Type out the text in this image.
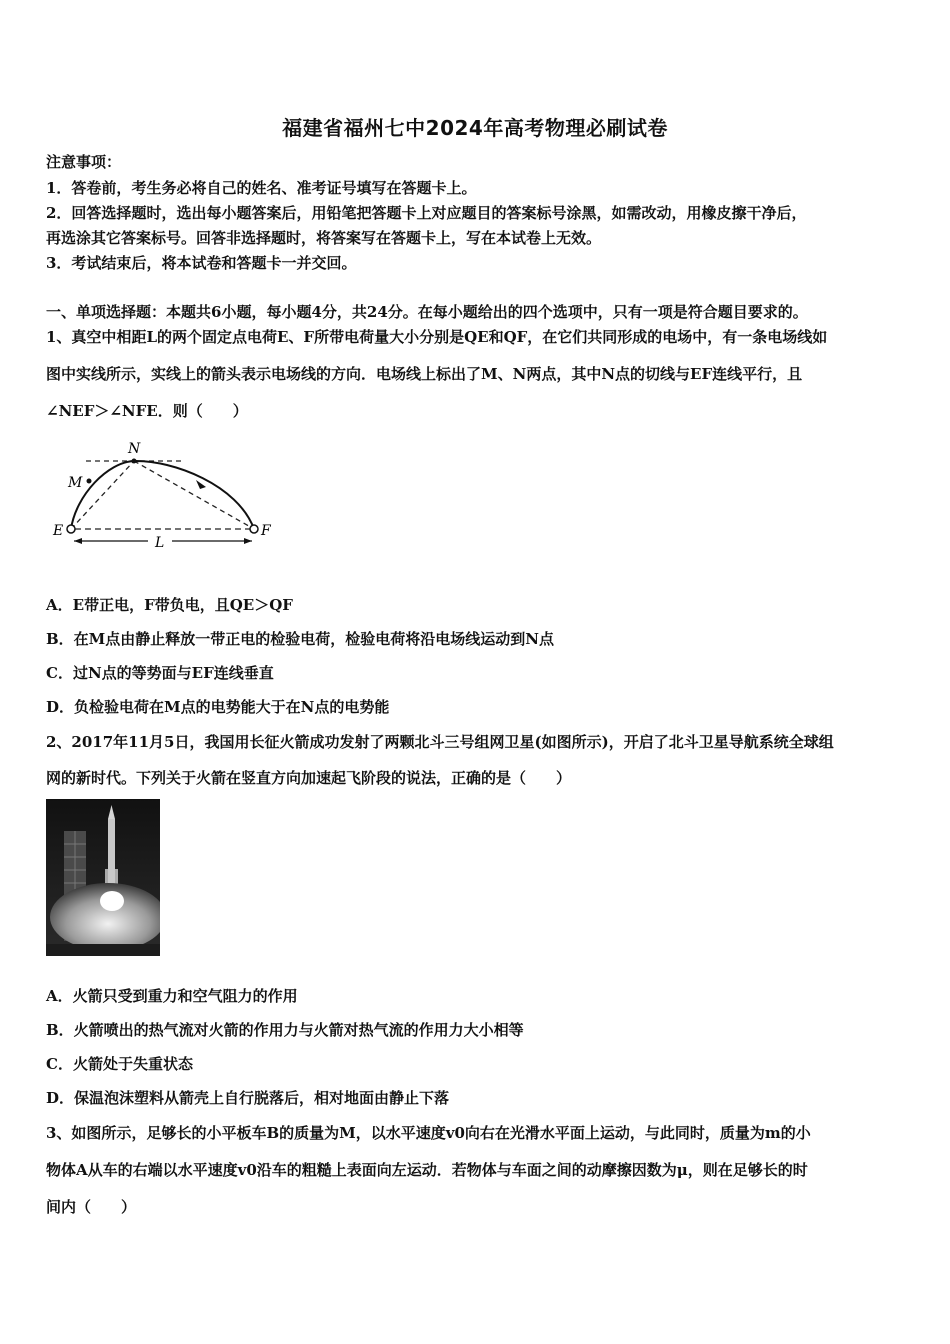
福建省福州七中2024年高考物理必刷试卷
注意事项：
1．答卷前，考生务必将自己的姓名、准考证号填写在答题卡上。
2．回答选择题时，选出每小题答案后，用铅笔把答题卡上对应题目的答案标号涂黑，如需改动，用橡皮擦干净后，
再选涂其它答案标号。回答非选择题时，将答案写在答题卡上，写在本试卷上无效。
3．考试结束后，将本试卷和答题卡一并交回。
一、单项选择题：本题共6小题，每小题4分，共24分。在每小题给出的四个选项中，只有一项是符合题目要求的。
1、真空中相距L的两个固定点电荷E、F所带电荷量大小分别是QE和QF，在它们共同形成的电场中，有一条电场线如
图中实线所示，实线上的箭头表示电场线的方向．电场线上标出了M、N两点，其中N点的切线与EF连线平行，且
∠NEF＞∠NFE．则（　　）
N
M
E	F
L
A．E带正电，F带负电，且QE＞QF
B．在M点由静止释放一带正电的检验电荷，检验电荷将沿电场线运动到N点
C．过N点的等势面与EF连线垂直
D．负检验电荷在M点的电势能大于在N点的电势能
2、2017年11月5日，我国用长征火箭成功发射了两颗北斗三号组网卫星(如图所示)，开启了北斗卫星导航系统全球组
网的新时代。下列关于火箭在竖直方向加速起飞阶段的说法，正确的是（　　）
A．火箭只受到重力和空气阻力的作用
B．火箭喷出的热气流对火箭的作用力与火箭对热气流的作用力大小相等
C．火箭处于失重状态
D．保温泡沫塑料从箭壳上自行脱落后，相对地面由静止下落
3、如图所示，足够长的小平板车B的质量为M，以水平速度v0向右在光滑水平面上运动，与此同时，质量为m的小
物体A从车的右端以水平速度v0沿车的粗糙上表面向左运动．若物体与车面之间的动摩擦因数为μ，则在足够长的时
间内（　　）
